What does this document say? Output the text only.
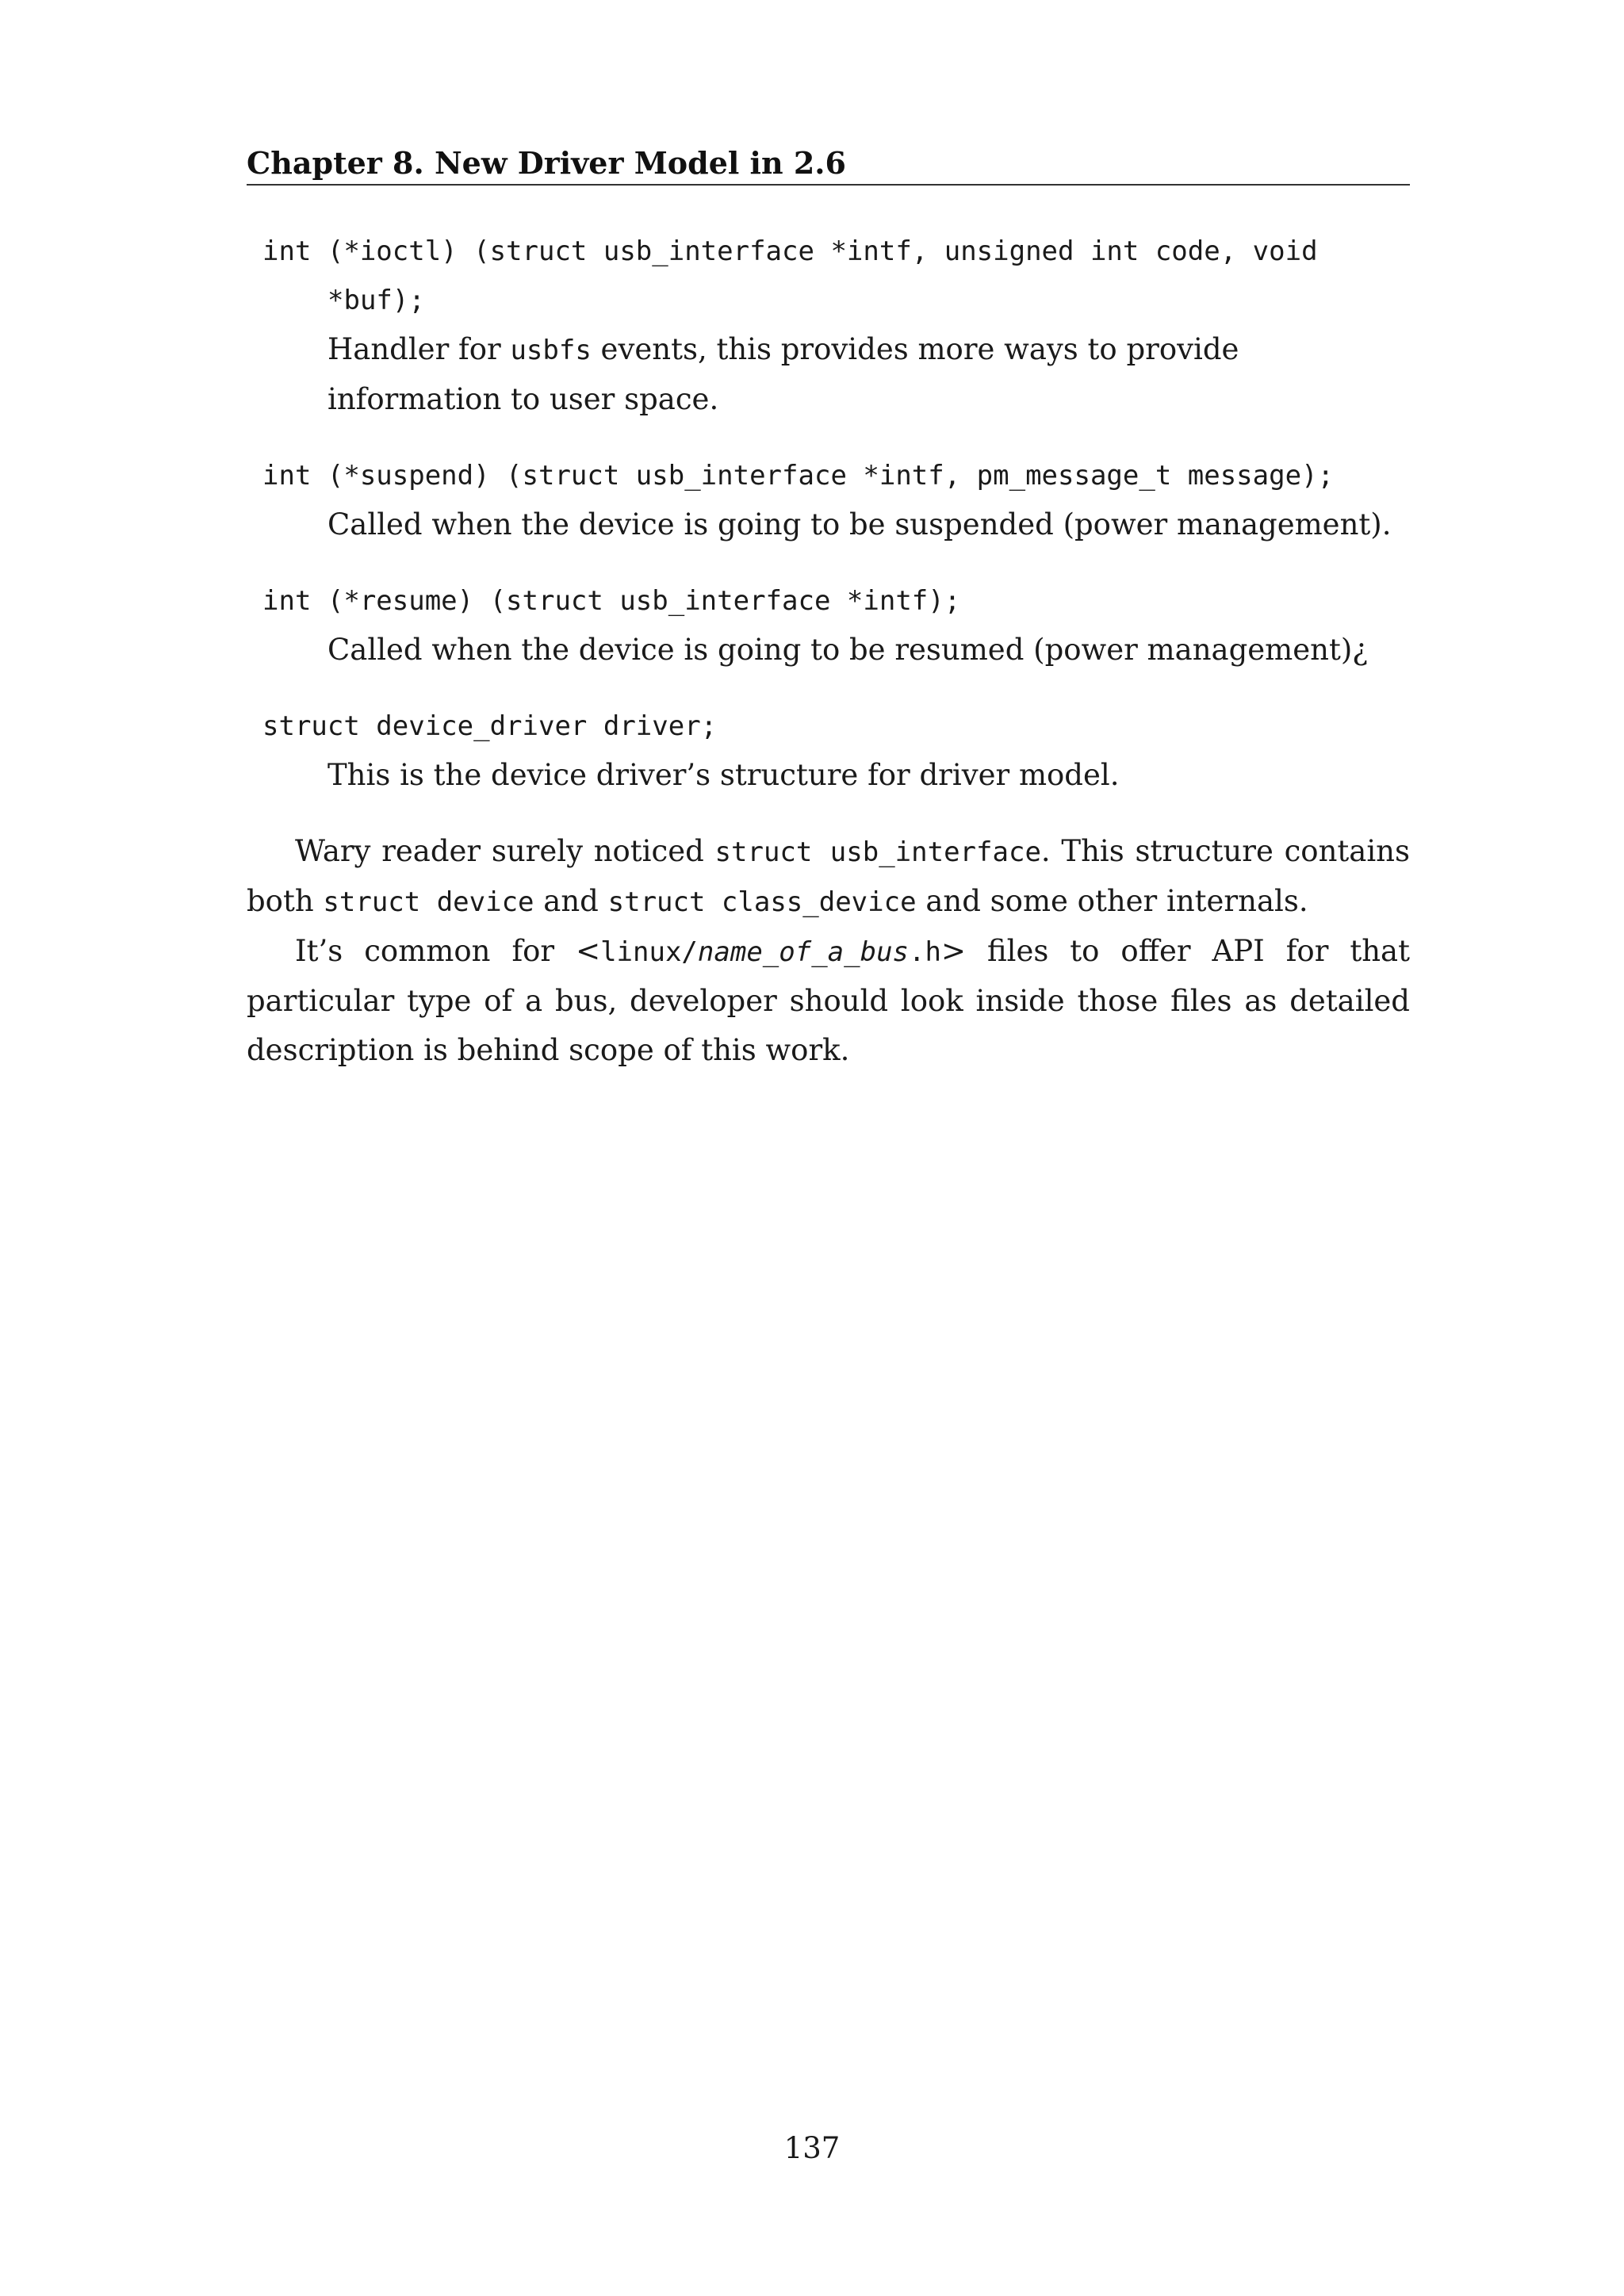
Chapter 8. New Driver Model in 2.6
int (*ioctl) (struct usb_interface *intf, unsigned int code, void
*buf);
Handler for usbfs events, this provides more ways to provide information to user space.
int (*suspend) (struct usb_interface *intf, pm_message_t message);
Called when the device is going to be suspended (power management).
int (*resume) (struct usb_interface *intf);
Called when the device is going to be resumed (power management)¿
struct device_driver driver;
This is the device driver’s structure for driver model.

Wary reader surely noticed struct usb_interface. This structure contains both struct device and struct class_device and some other internals.

It’s common for <linux/name_of_a_bus.h> files to offer API for that particular type of a bus, developer should look inside those files as detailed description is behind scope of this work.

137
